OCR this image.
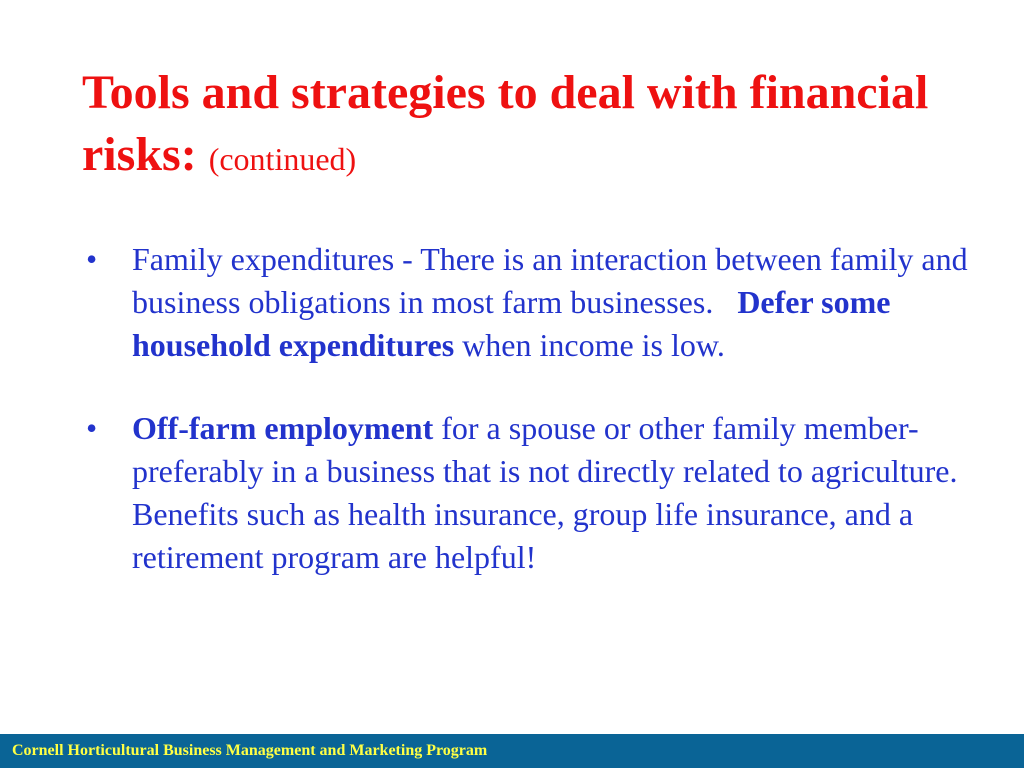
Tools and strategies to deal with financial risks: (continued)
• Family expenditures - There is an interaction between family and business obligations in most farm businesses. Defer some household expenditures when income is low.
• Off-farm employment for a spouse or other family member-preferably in a business that is not directly related to agriculture. Benefits such as health insurance, group life insurance, and a retirement program are helpful!
Cornell Horticultural Business Management and Marketing Program
